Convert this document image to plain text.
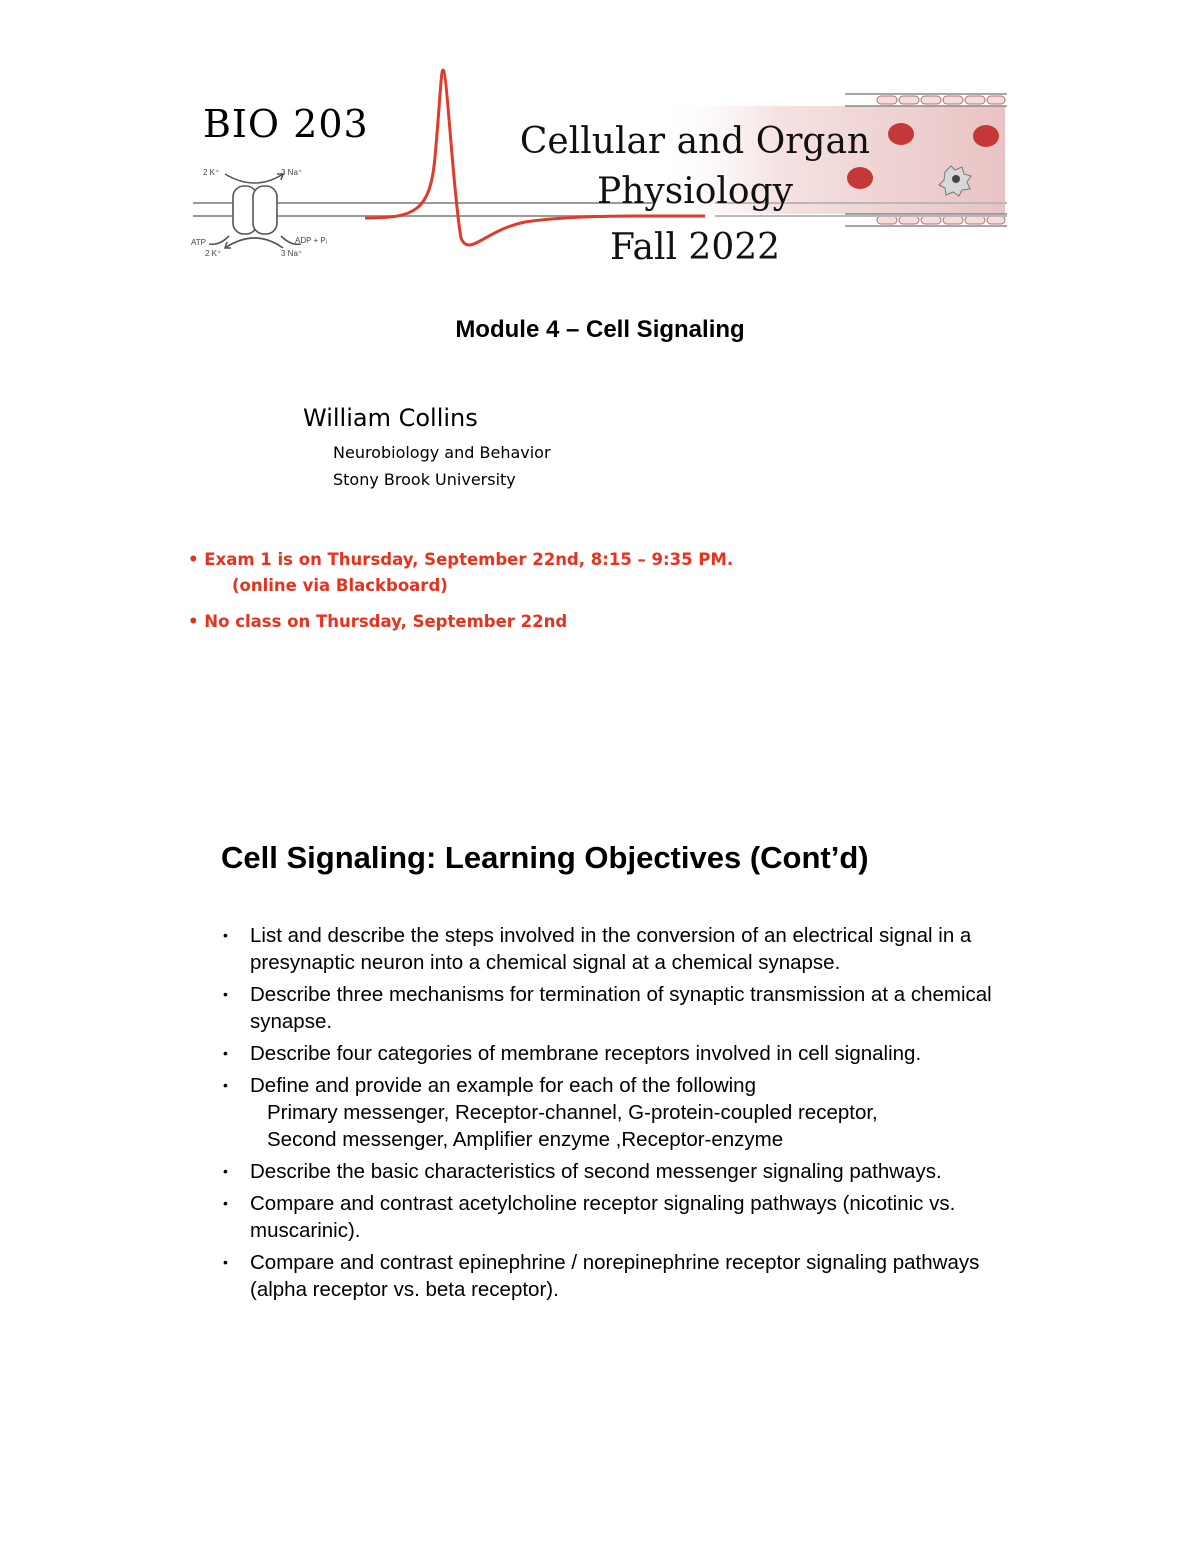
BIO 203	Cellular and Organ
Physiology
Fall 2022
2 K⁺	3 Na⁺
ATP	ADP + Pᵢ
2 K⁺	3 Na⁺
Module 4 – Cell Signaling
William Collins
Neurobiology and Behavior
Stony Brook University
• Exam 1 is on Thursday, September 22nd, 8:15 – 9:35 PM.
(online via Blackboard)
• No class on Thursday, September 22nd
Cell Signaling: Learning Objectives (Cont’d)
• List and describe the steps involved in the conversion of an electrical signal in a presynaptic neuron into a chemical signal at a chemical synapse.
• Describe three mechanisms for termination of synaptic transmission at a chemical synapse.
• Describe four categories of membrane receptors involved in cell signaling.
• Define and provide an example for each of the following
Primary messenger, Receptor-channel, G-protein-coupled receptor,
Second messenger, Amplifier enzyme ,Receptor-enzyme
• Describe the basic characteristics of second messenger signaling pathways.
• Compare and contrast acetylcholine receptor signaling pathways (nicotinic vs. muscarinic).
• Compare and contrast epinephrine / norepinephrine receptor signaling pathways (alpha receptor vs. beta receptor).
